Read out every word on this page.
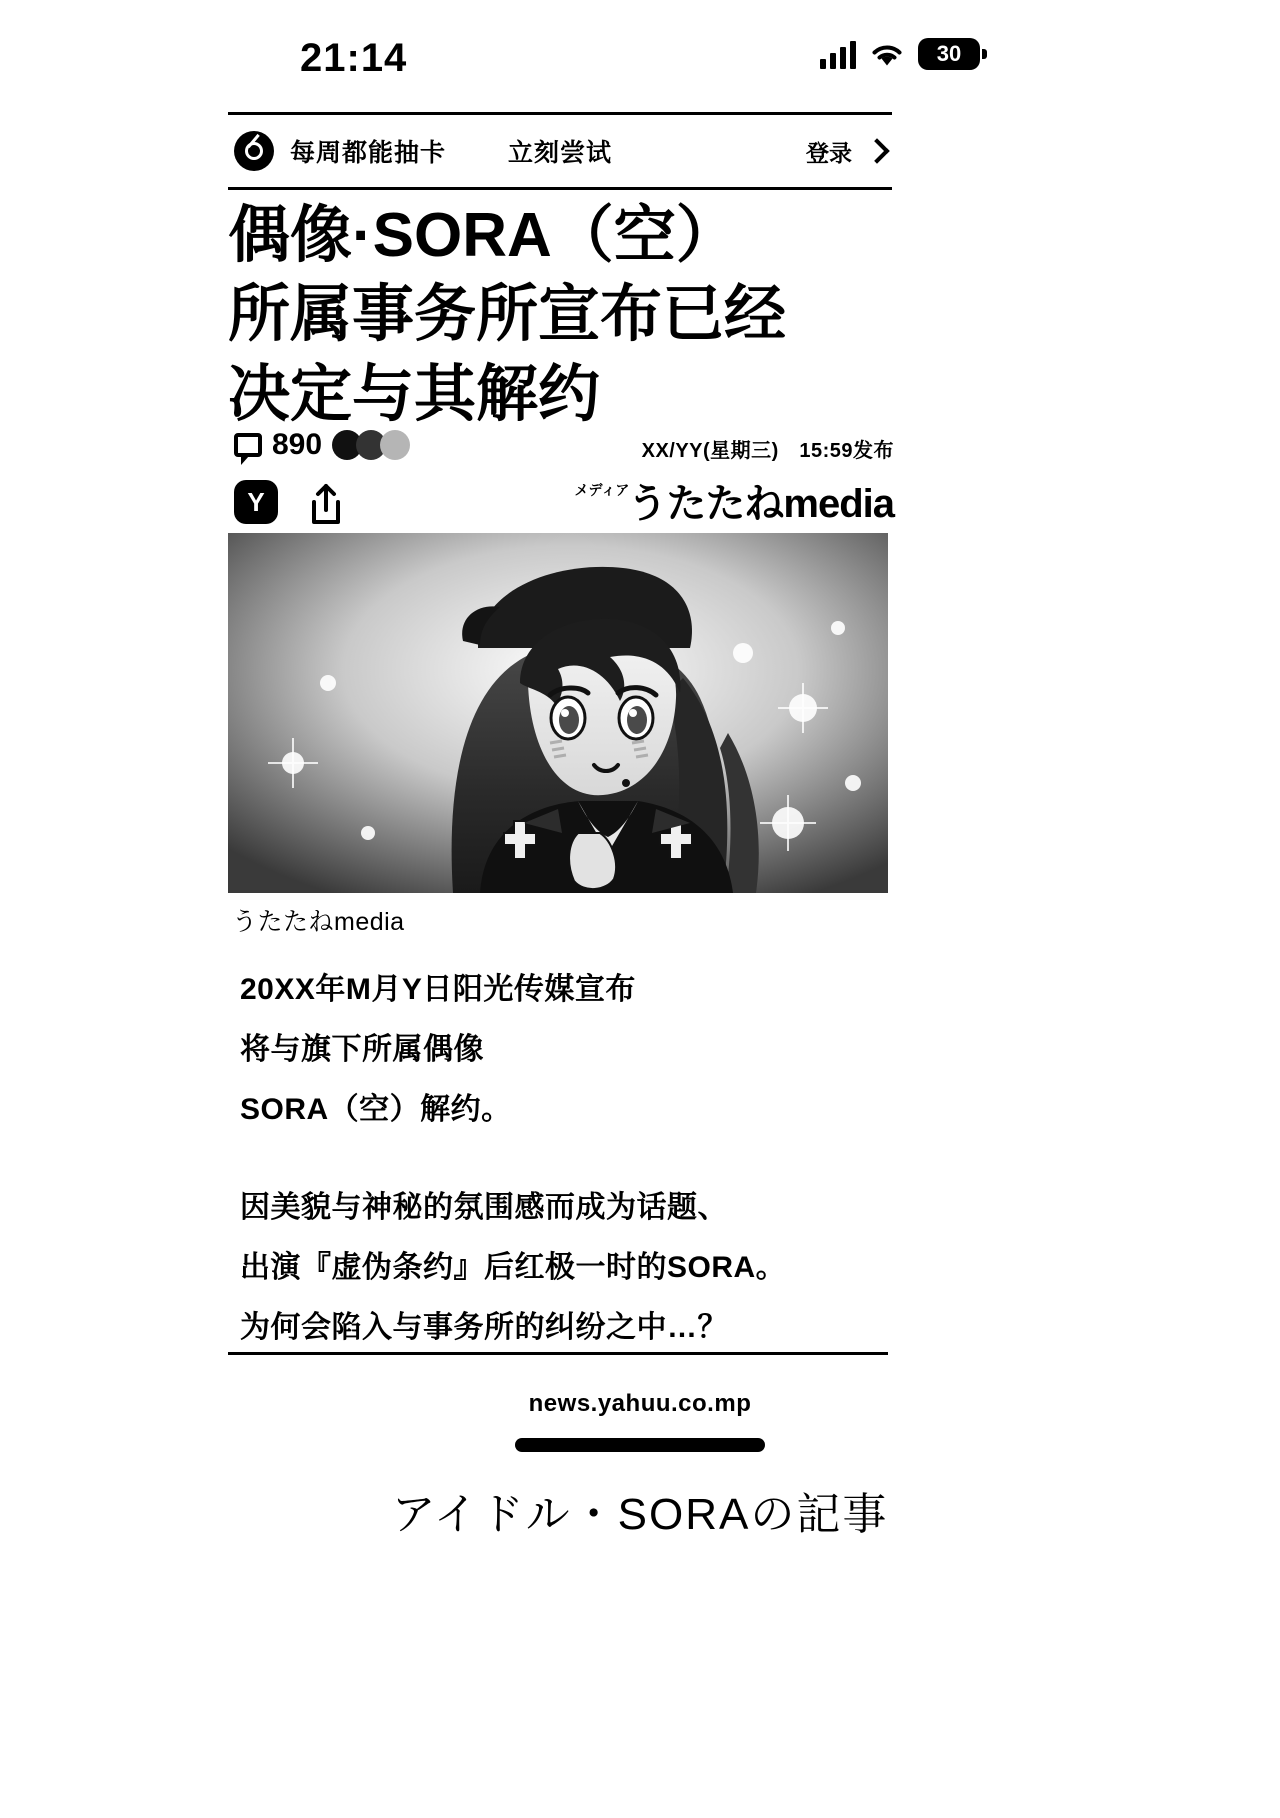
21:14	30
每周都能抽卡 立刻尝试	登录
偶像·SORA（空）
所属事务所宣布已经
决定与其解约
890	XX/YY(星期三)　15:59发布
Y	$^{メディア}$うたたねmedia
うたたねmedia

20XX年M月Y日阳光传媒宣布

将与旗下所属偶像

SORA（空）解约。

因美貌与神秘的氛围感而成为话题、

出演『虚伪条约』后红极一时的SORA。

为何会陷入与事务所的纠纷之中…？

news.yahuu.co.mp
アイドル・SORAの記事
